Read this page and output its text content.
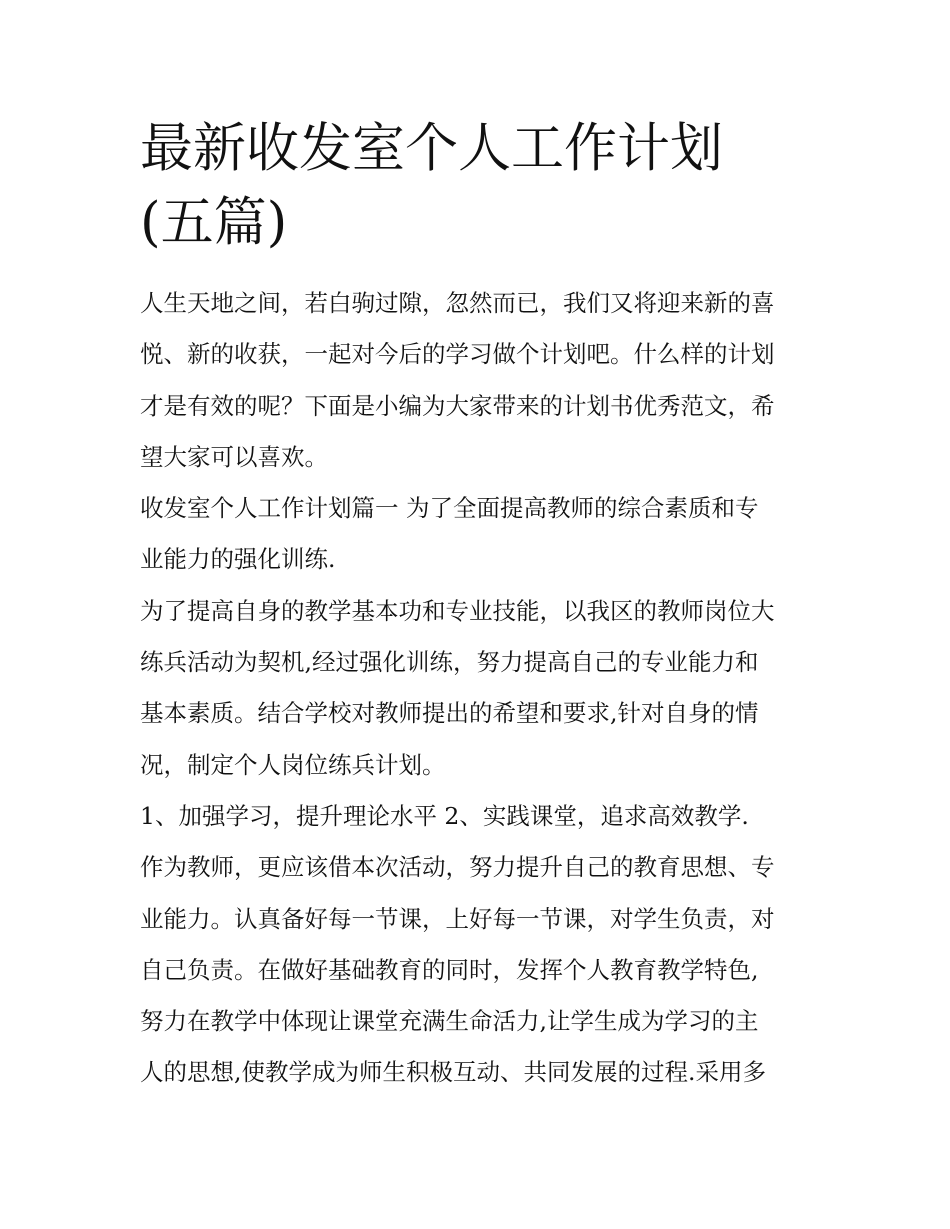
最新收发室个人工作计划(五篇)
人生天地之间，若白驹过隙，忽然而已，我们又将迎来新的喜
悦、新的收获，一起对今后的学习做个计划吧。什么样的计划
才是有效的呢？下面是小编为大家带来的计划书优秀范文，希
望大家可以喜欢。
收发室个人工作计划篇一 为了全面提高教师的综合素质和专
业能力的强化训练.
为了提高自身的教学基本功和专业技能，以我区的教师岗位大
练兵活动为契机,经过强化训练，努力提高自己的专业能力和
基本素质。结合学校对教师提出的希望和要求,针对自身的情
况，制定个人岗位练兵计划。
1、加强学习，提升理论水平 2、实践课堂，追求高效教学.
作为教师，更应该借本次活动，努力提升自己的教育思想、专
业能力。认真备好每一节课，上好每一节课，对学生负责，对
自己负责。在做好基础教育的同时，发挥个人教育教学特色,
努力在教学中体现让课堂充满生命活力,让学生成为学习的主
人的思想,使教学成为师生积极互动、共同发展的过程.采用多
